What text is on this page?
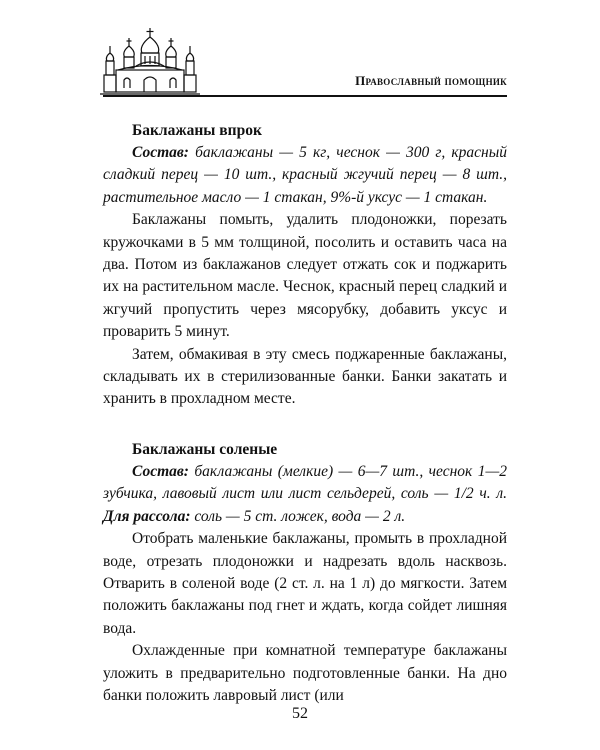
Православный помощник
Баклажаны впрок

Состав: баклажаны — 5 кг, чеснок — 300 г, красный сладкий перец — 10 шт., красный жгучий перец — 8 шт., растительное масло — 1 стакан, 9%-й уксус — 1 стакан.

Баклажаны помыть, удалить плодоножки, порезать кружочками в 5 мм толщиной, посолить и оставить часа на два. Потом из баклажанов следует отжать сок и поджарить их на растительном масле. Чеснок, красный перец сладкий и жгучий пропустить через мясорубку, добавить уксус и проварить 5 минут.

Затем, обмакивая в эту смесь поджаренные баклажаны, складывать их в стерилизованные банки. Банки закатать и хранить в прохладном месте.

Баклажаны соленые

Состав: баклажаны (мелкие) — 6—7 шт., чеснок 1—2 зубчика, лавовый лист или лист сельдерей, соль — 1/2 ч. л. Для рассола: соль — 5 ст. ложек, вода — 2 л.

Отобрать маленькие баклажаны, промыть в прохладной воде, отрезать плодоножки и надрезать вдоль насквозь. Отварить в соленой воде (2 ст. л. на 1 л) до мягкости. Затем положить баклажаны под гнет и ждать, когда сойдет лишняя вода.

Охлажденные при комнатной температуре баклажаны уложить в предварительно подготовленные банки. На дно банки положить лавровый лист (или

52
